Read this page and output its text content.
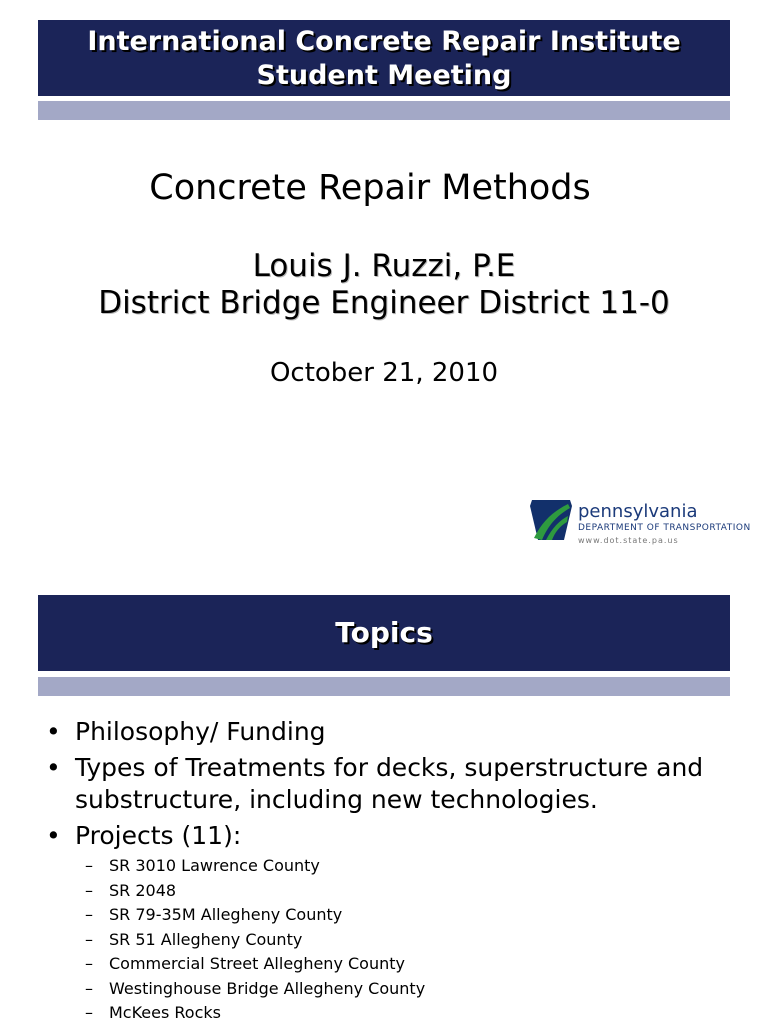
International Concrete Repair Institute
Student Meeting
Concrete Repair Methods
Louis J. Ruzzi, P.E
District Bridge Engineer District 11-0
October 21, 2010
pennsylvania
DEPARTMENT OF TRANSPORTATION
www.dot.state.pa.us
Topics
• Philosophy/ Funding
• Types of Treatments for decks, superstructure and substructure, including new technologies.
• Projects (11):
– SR 3010 Lawrence County
– SR 2048
– SR 79-35M Allegheny County
– SR 51 Allegheny County
– Commercial Street Allegheny County
– Westinghouse Bridge Allegheny County
– McKees Rocks
